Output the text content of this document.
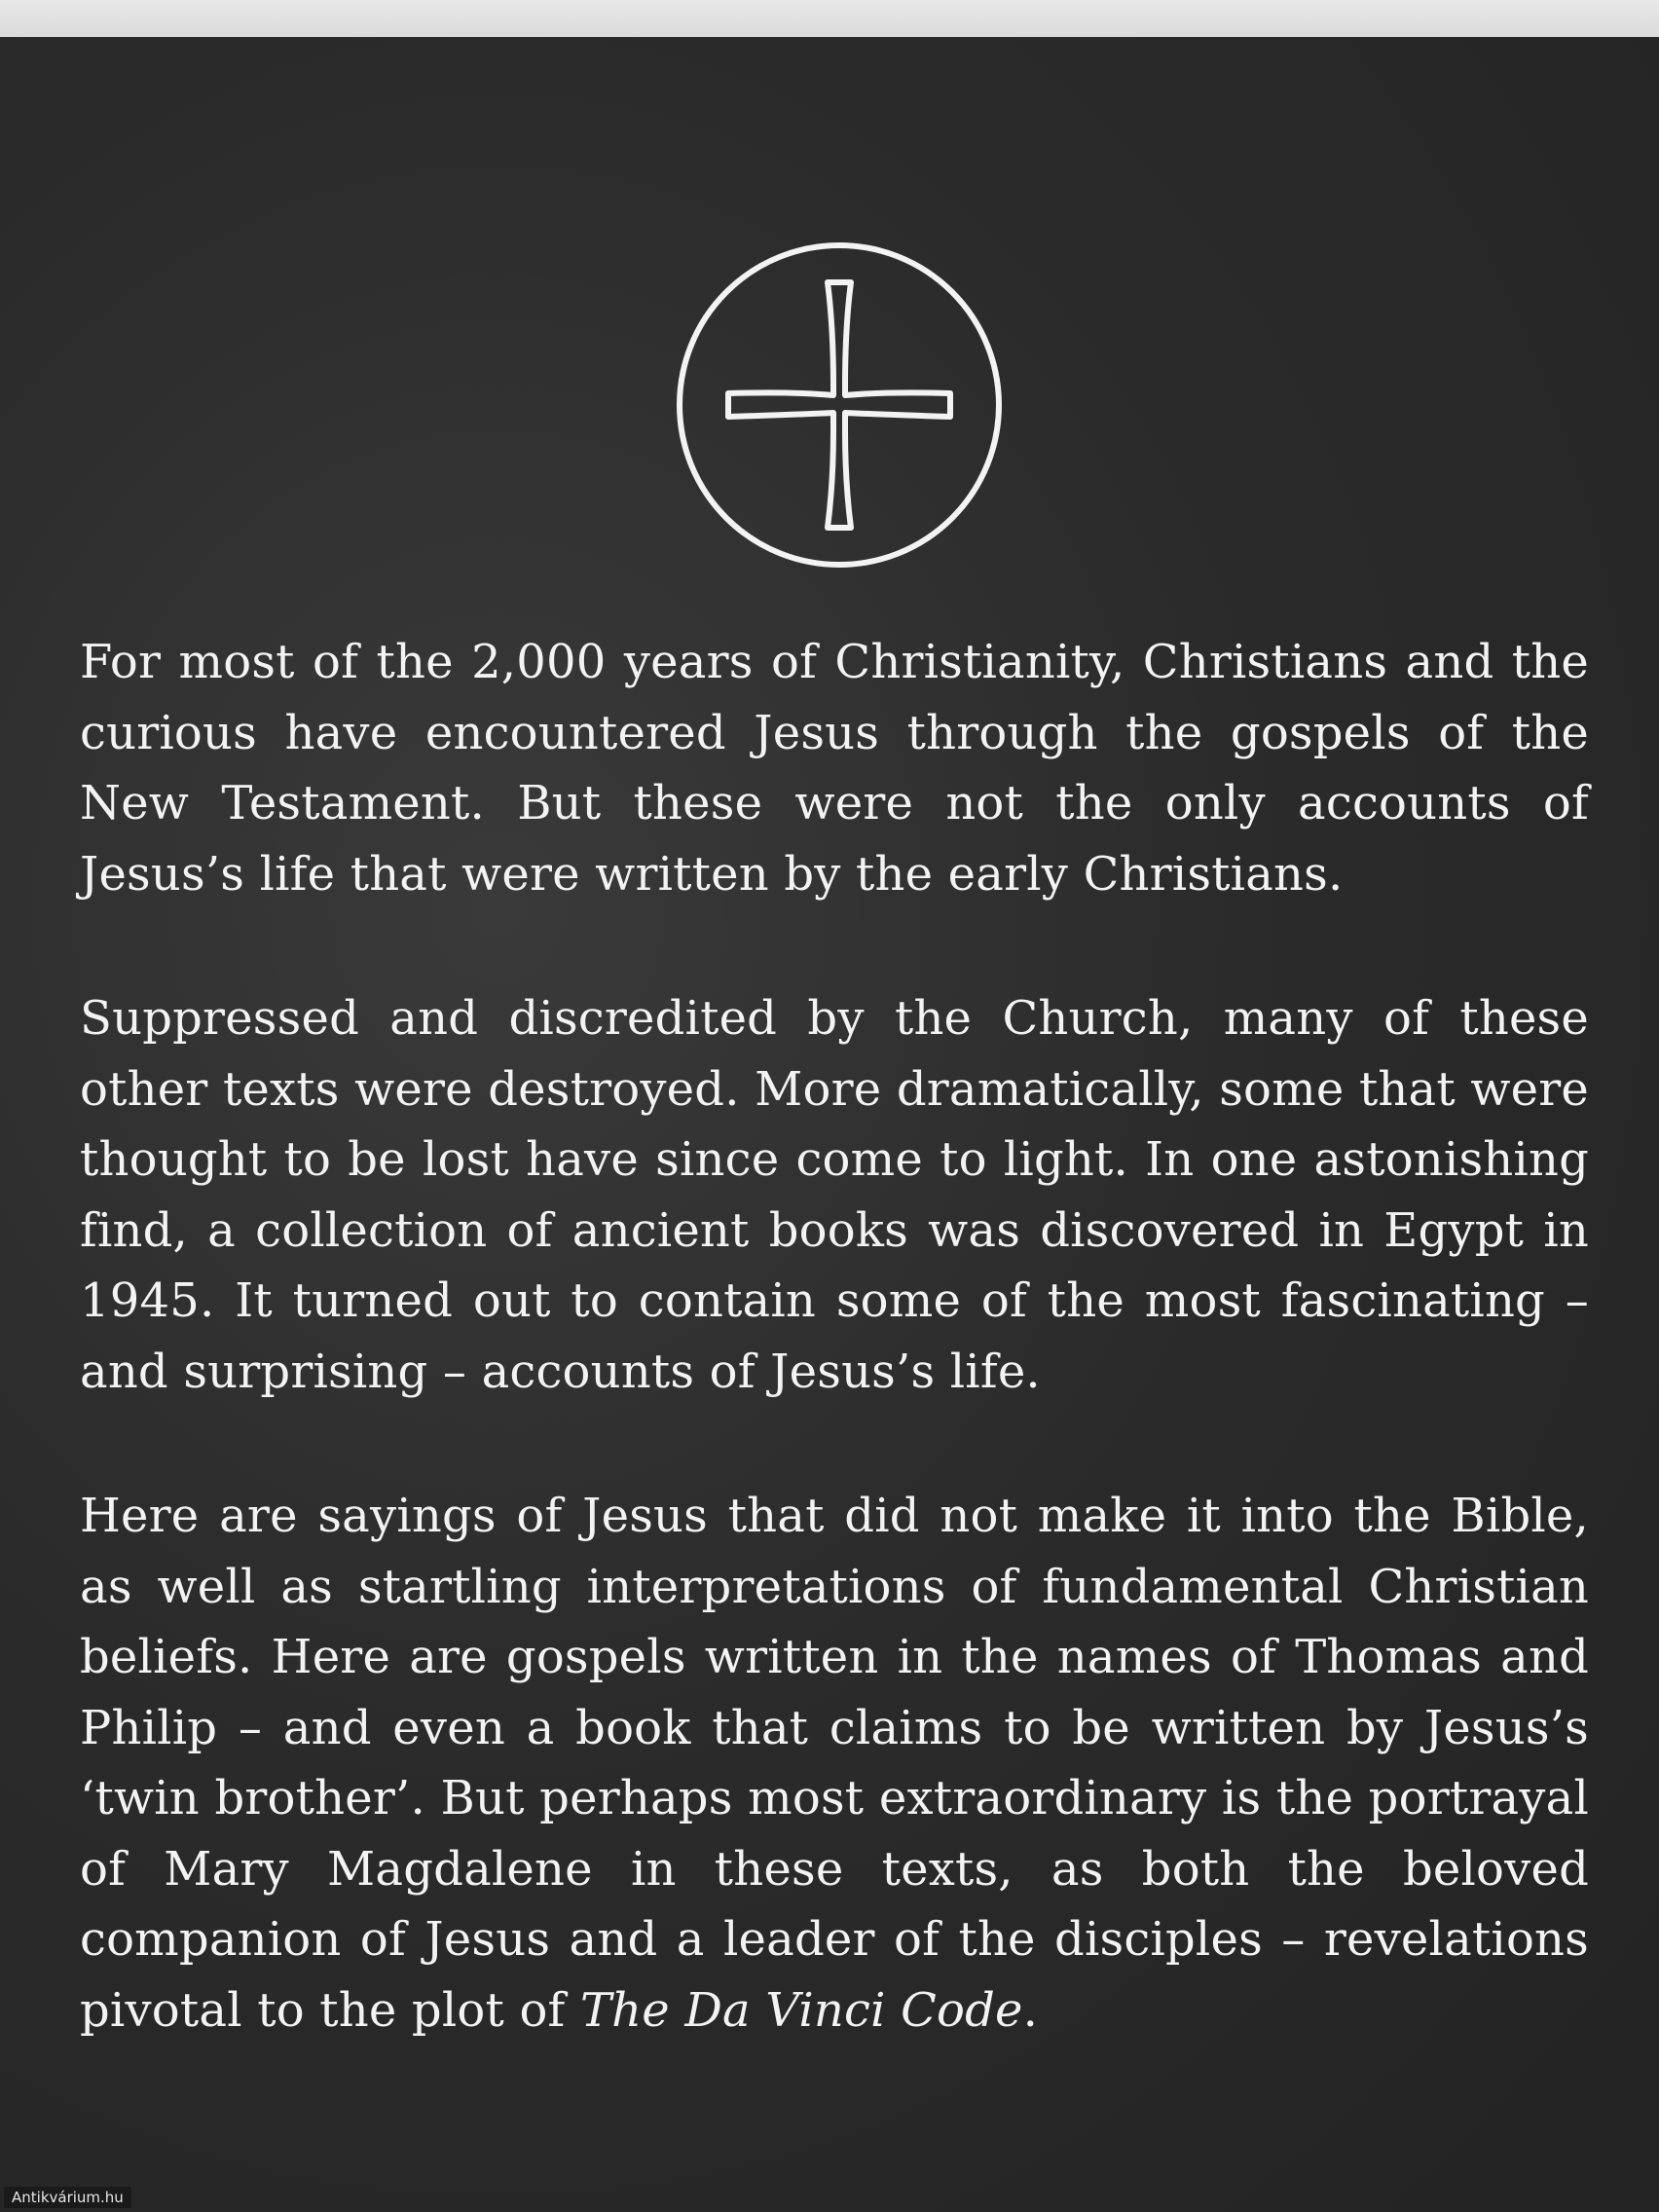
For most of the 2,000 years of Christianity, Christians and the curious have encountered Jesus through the gospels of the New Testament. But these were not the only accounts of Jesus’s life that were written by the early Christians.

Suppressed and discredited by the Church, many of these other texts were destroyed. More dramatically, some that were thought to be lost have since come to light. In one astonishing find, a collection of ancient books was discovered in Egypt in 1945. It turned out to contain some of the most fascinating – and surprising – accounts of Jesus’s life.

Here are sayings of Jesus that did not make it into the Bible, as well as startling interpretations of fundamental Christian beliefs. Here are gospels written in the names of Thomas and Philip – and even a book that claims to be written by Jesus’s ‘twin brother’. But perhaps most extraordinary is the portrayal of Mary Magdalene in these texts, as both the beloved companion of Jesus and a leader of the disciples – revelations pivotal to the plot of The Da Vinci Code.

Antikvárium.hu
